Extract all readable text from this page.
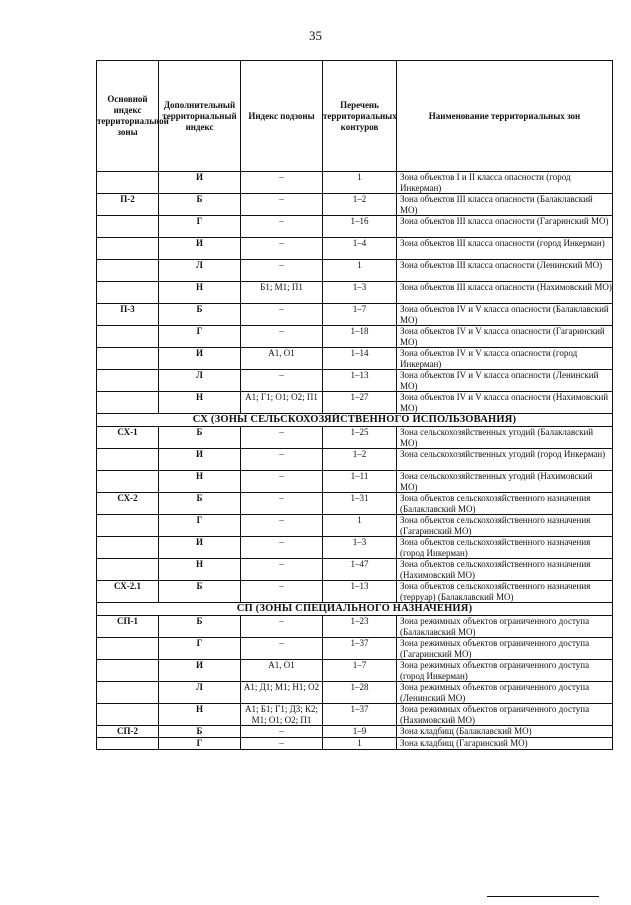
35
Основной индекс территориальной зоны	Дополнительный территориальный индекс	Индекс подзоны	Перечень территориальных контуров	Наименование территориальных зон
	И	–	1	Зона объектов I и II класса опасности (город Инкерман)
П-2	Б	–	1–2	Зона объектов III класса опасности (Балаклавский МО)
	Г	–	1–16	Зона объектов III класса опасности (Гагаринский МО)
	И	–	1–4	Зона объектов III класса опасности (город Инкерман)
	Л	–	1	Зона объектов III класса опасности (Ленинский МО)
	Н	Б1; М1; П1	1–3	Зона объектов III класса опасности (Нахимовский МО)
П-3	Б	–	1–7	Зона объектов IV и V класса опасности (Балаклавский МО)
	Г	–	1–18	Зона объектов IV и V класса опасности (Гагаринский МО)
	И	А1, О1	1–14	Зона объектов IV и V класса опасности (город Инкерман)
	Л	–	1–13	Зона объектов IV и V класса опасности (Ленинский МО)
	Н	А1; Г1; О1; О2; П1	1–27	Зона объектов IV и V класса опасности (Нахимовский МО)
СХ (ЗОНЫ СЕЛЬСКОХОЗЯЙСТВЕННОГО ИСПОЛЬЗОВАНИЯ)				
СХ-1	Б	–	1–25	Зона сельскохозяйственных угодий (Балаклавский МО)
	И	–	1–2	Зона сельскохозяйственных угодий (город Инкерман)
	Н	–	1–11	Зона сельскохозяйственных угодий (Нахимовский МО)
СХ-2	Б	–	1–31	Зона объектов сельскохозяйственного назначения (Балаклавский МО)
	Г	–	1	Зона объектов сельскохозяйственного назначения (Гагаринский МО)
	И	–	1–3	Зона объектов сельскохозяйственного назначения (город Инкерман)
	Н	–	1–47	Зона объектов сельскохозяйственного назначения (Нахимовский МО)
СХ-2.1	Б	–	1–13	Зона объектов сельскохозяйственного назначения (терруар) (Балаклавский МО)
СП (ЗОНЫ СПЕЦИАЛЬНОГО НАЗНАЧЕНИЯ)				
СП-1	Б	–	1–23	Зона режимных объектов ограниченного доступа (Балаклавский МО)
	Г	–	1–37	Зона режимных объектов ограниченного доступа (Гагаринский МО)
	И	А1, О1	1–7	Зона режимных объектов ограниченного доступа (город Инкерман)
	Л	А1; Д1; М1; Н1; О2	1–28	Зона режимных объектов ограниченного доступа (Ленинский МО)
	Н	А1; Б1; Г1; Д3; К2; М1; О1; О2; П1	1–37	Зона режимных объектов ограниченного доступа (Нахимовский МО)
СП-2	Б	–	1–9	Зона кладбищ (Балаклавский МО)
	Г	–	1	Зона кладбищ (Гагаринский МО)
